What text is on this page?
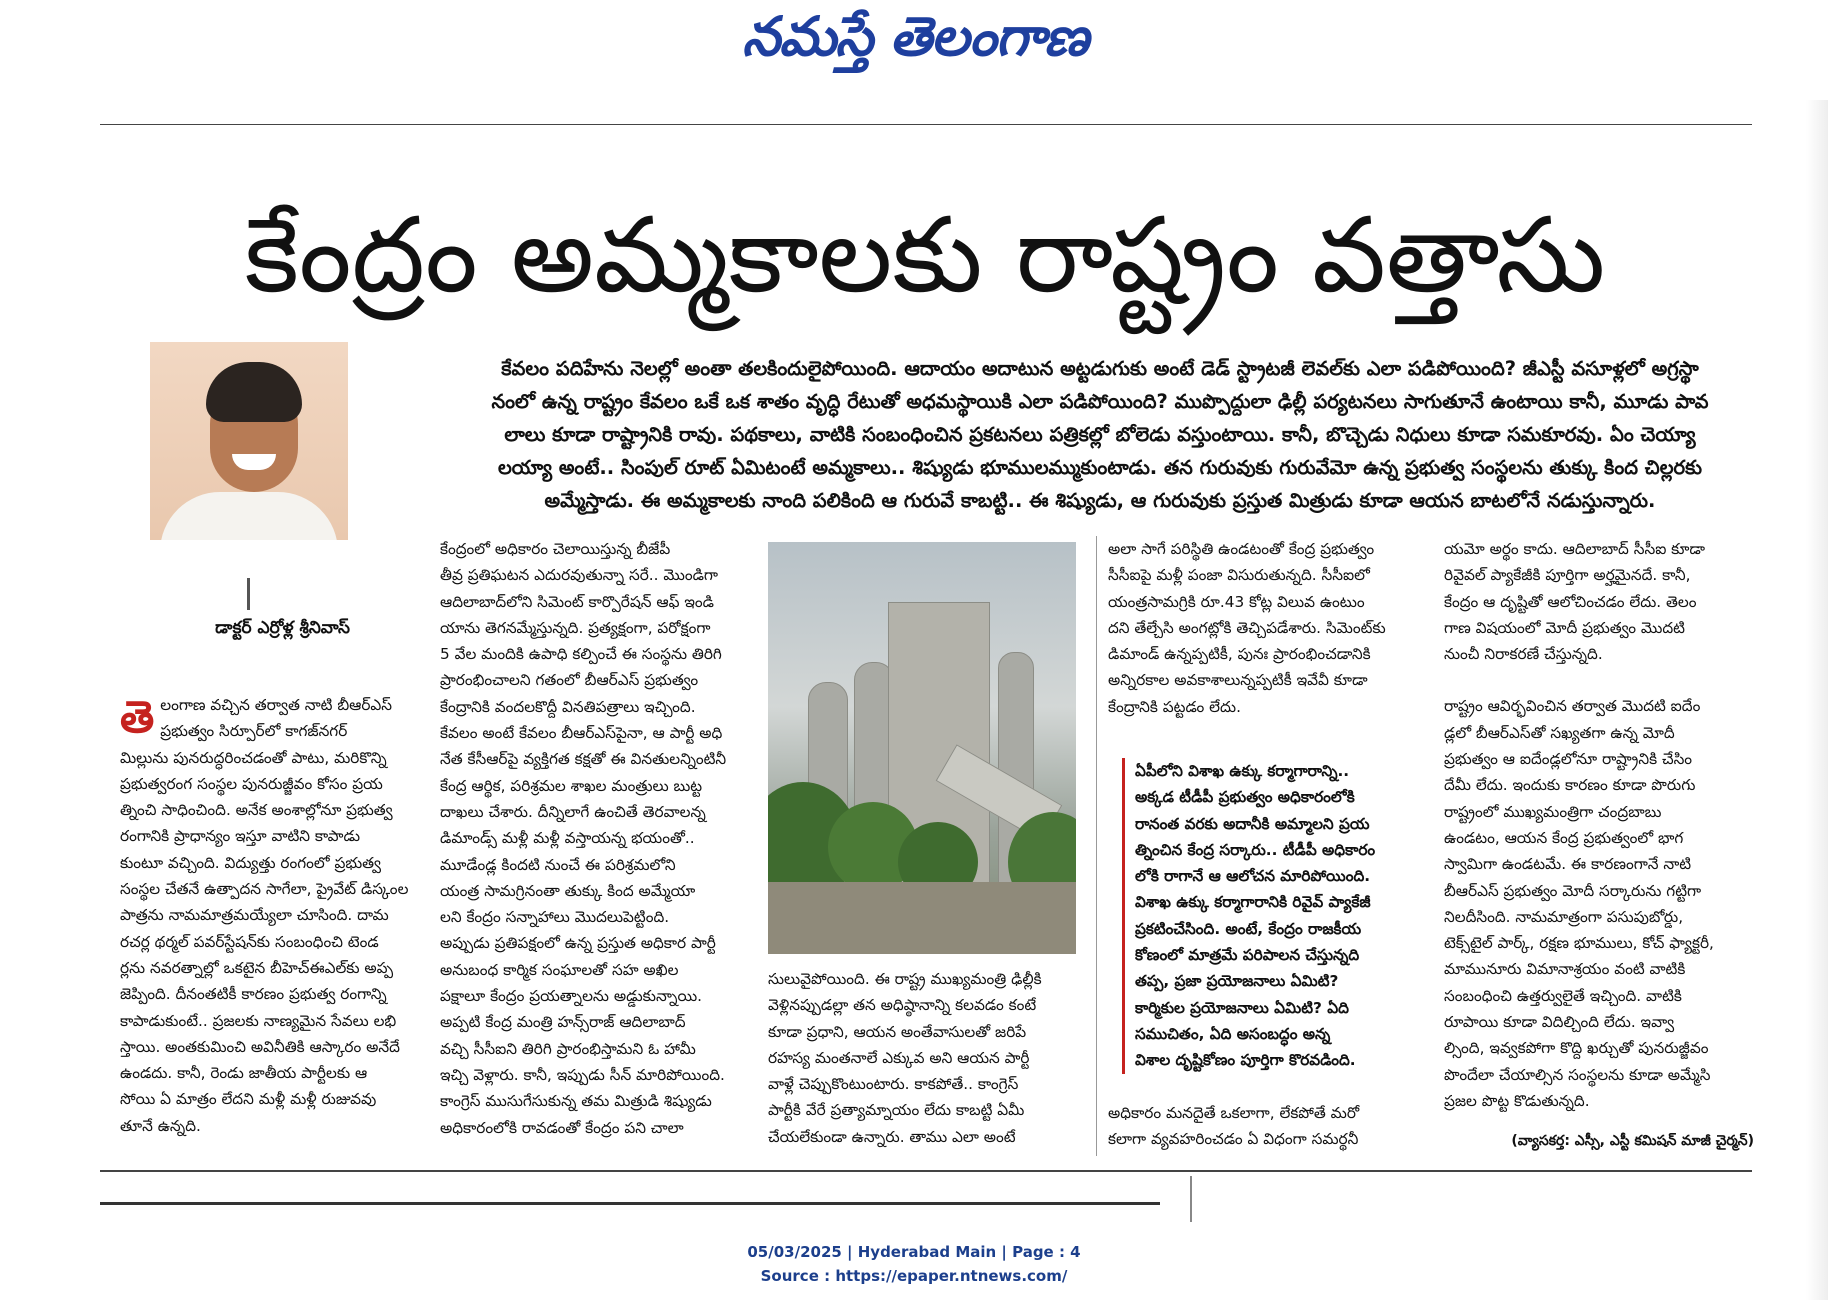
నమస్తే తెలంగాణ
కేంద్రం అమ్మకాలకు రాష్ట్రం వత్తాసు
డాక్టర్ ఎర్రోళ్ల శ్రీనివాస్

కేవలం పదిహేను నెలల్లో అంతా తలకిందులైపోయింది. ఆదాయం అదాటున అట్టడుగుకు అంటే డెడ్ స్ట్రాటజీ లెవల్‌కు ఎలా పడిపోయింది? జీఎస్టీ వసూళ్లలో అగ్రస్థా

నంలో ఉన్న రాష్ట్రం కేవలం ఒకే ఒక శాతం వృద్ధి రేటుతో అధమస్థాయికి ఎలా పడిపోయింది? ముప్పొద్దులా ఢిల్లీ పర్యటనలు సాగుతూనే ఉంటాయి కానీ, మూడు పావ

లాలు కూడా రాష్ట్రానికి రావు. పథకాలు, వాటికి సంబంధించిన ప్రకటనలు పత్రికల్లో బోలెడు వస్తుంటాయి. కానీ, బొచ్చెడు నిధులు కూడా సమకూరవు. ఏం చెయ్యా

లయ్యా అంటే.. సింపుల్ రూట్ ఏమిటంటే అమ్మకాలు.. శిష్యుడు భూములమ్ముకుంటాడు. తన గురువుకు గురువేమో ఉన్న ప్రభుత్వ సంస్థలను తుక్కు కింద చిల్లరకు

అమ్మేస్తాడు. ఈ అమ్మకాలకు నాంది పలికింది ఆ గురువే కాబట్టి.. ఈ శిష్యుడు, ఆ గురువుకు ప్రస్తుత మిత్రుడు కూడా ఆయన బాటలోనే నడుస్తున్నారు.

తె లంగాణ వచ్చిన తర్వాత నాటి బీఆర్‌ఎస్

ప్రభుత్వం సిర్పూర్‌లో కాగజ్‌నగర్

మిల్లును పునరుద్ధరించడంతో పాటు, మరికొన్ని

ప్రభుత్వరంగ సంస్థల పునరుజ్జీవం కోసం ప్రయ

త్నించి సాధించింది. అనేక అంశాల్లోనూ ప్రభుత్వ

రంగానికి ప్రాధాన్యం ఇస్తూ వాటిని కాపాడు

కుంటూ వచ్చింది. విద్యుత్తు రంగంలో ప్రభుత్వ

సంస్థల చేతనే ఉత్పాదన సాగేలా, ప్రైవేట్ డిస్కంల

పాత్రను నామమాత్రమయ్యేలా చూసింది. దామ

రచర్ల థర్మల్ పవర్‌స్టేషన్‌కు సంబంధించి టెండ

ర్లను నవరత్నాల్లో ఒకటైన బీహెచ్ఈఎల్‌కు అప్ప

జెప్పింది. దీనంతటికీ కారణం ప్రభుత్వ రంగాన్ని

కాపాడుకుంటే.. ప్రజలకు నాణ్యమైన సేవలు లభి

స్తాయి. అంతకుమించి అవినీతికి ఆస్కారం అనేదే

ఉండదు. కానీ, రెండు జాతీయ పార్టీలకు ఆ

సోయి ఏ మాత్రం లేదని మళ్లీ మళ్లీ రుజువవు

తూనే ఉన్నది.

కేంద్రంలో అధికారం చెలాయిస్తున్న బీజేపీ

తీవ్ర ప్రతిఘటన ఎదురవుతున్నా సరే.. మొండిగా

ఆదిలాబాద్‌లోని సిమెంట్ కార్పొరేషన్ ఆఫ్ ఇండి

యాను తెగనమ్మేస్తున్నది. ప్రత్యక్షంగా, పరోక్షంగా

5 వేల మందికి ఉపాధి కల్పించే ఈ సంస్థను తిరిగి

ప్రారంభించాలని గతంలో బీఆర్‌ఎస్ ప్రభుత్వం

కేంద్రానికి వందలకొద్దీ వినతిపత్రాలు ఇచ్చింది.

కేవలం అంటే కేవలం బీఆర్‌ఎస్‌పైనా, ఆ పార్టీ అధి

నేత కేసీఆర్‌పై వ్యక్తిగత కక్షతో ఈ వినతులన్నింటినీ

కేంద్ర ఆర్థిక, పరిశ్రమల శాఖల మంత్రులు బుట్ట

దాఖలు చేశారు. దీన్నిలాగే ఉంచితే తెరవాలన్న

డిమాండ్స్ మళ్లీ మళ్లీ వస్తాయన్న భయంతో..

మూడేండ్ల కిందటి నుంచే ఈ పరిశ్రమలోని

యంత్ర సామగ్రినంతా తుక్కు కింద అమ్మేయా

లని కేంద్రం సన్నాహాలు మొదలుపెట్టింది.

అప్పుడు ప్రతిపక్షంలో ఉన్న ప్రస్తుత అధికార పార్టీ

అనుబంధ కార్మిక సంఘాలతో సహ అఖిల

పక్షాలూ కేంద్రం ప్రయత్నాలను అడ్డుకున్నాయి.

అప్పటి కేంద్ర మంత్రి హన్స్‌రాజ్ ఆదిలాబాద్

వచ్చి సీసీఐని తిరిగి ప్రారంభిస్తామని ఓ హామీ

ఇచ్చి వెళ్లారు. కానీ, ఇప్పుడు సీన్ మారిపోయింది.

కాంగ్రెస్ ముసుగేసుకున్న తమ మిత్రుడి శిష్యుడు

అధికారంలోకి రావడంతో కేంద్రం పని చాలా

సులువైపోయింది. ఈ రాష్ట్ర ముఖ్యమంత్రి ఢిల్లీకి

వెళ్లినప్పుడల్లా తన అధిష్ఠానాన్ని కలవడం కంటే

కూడా ప్రధాని, ఆయన అంతేవాసులతో జరిపే

రహస్య మంతనాలే ఎక్కువ అని ఆయన పార్టీ

వాళ్లే చెప్పుకొంటుంటారు. కాకపోతే.. కాంగ్రెస్

పార్టీకి వేరే ప్రత్యామ్నాయం లేదు కాబట్టి ఏమీ

చేయలేకుండా ఉన్నారు. తాము ఎలా అంటే

అలా సాగే పరిస్థితి ఉండటంతో కేంద్ర ప్రభుత్వం

సీసీఐపై మళ్లీ పంజా విసురుతున్నది. సీసీఐలో

యంత్రసామగ్రికి రూ.43 కోట్ల విలువ ఉంటుం

దని తేల్చేసి అంగట్లోకి తెచ్చిపడేశారు. సిమెంట్‌కు

డిమాండ్ ఉన్నప్పటికీ, పునః ప్రారంభించడానికి

అన్నిరకాల అవకాశాలున్నప్పటికీ ఇవేవీ కూడా

కేంద్రానికి పట్టడం లేదు.

ఏపీలోని విశాఖ ఉక్కు కర్మాగారాన్ని..

అక్కడ టీడీపీ ప్రభుత్వం అధికారంలోకి

రానంత వరకు అదానీకి అమ్మాలని ప్రయ

త్నించిన కేంద్ర సర్కారు.. టీడీపీ అధికారం

లోకి రాగానే ఆ ఆలోచన మారిపోయింది.

విశాఖ ఉక్కు కర్మాగారానికి రివైవ్ ప్యాకేజీ

ప్రకటించేసింది. అంటే, కేంద్రం రాజకీయ

కోణంలో మాత్రమే పరిపాలన చేస్తున్నది

తప్ప, ప్రజా ప్రయోజనాలు ఏమిటి?

కార్మికుల ప్రయోజనాలు ఏమిటి? ఏది

సముచితం, ఏది అసంబద్ధం అన్న

విశాల దృష్టికోణం పూర్తిగా కొరవడింది.

అధికారం మనదైతే ఒకలాగా, లేకపోతే మరో

కలాగా వ్యవహరించడం ఏ విధంగా సమర్థనీ

యమో అర్థం కాదు. ఆదిలాబాద్ సీసీఐ కూడా

రివైవల్ ప్యాకేజీకి పూర్తిగా అర్హమైనదే. కానీ,

కేంద్రం ఆ దృష్టితో ఆలోచించడం లేదు. తెలం

గాణ విషయంలో మోదీ ప్రభుత్వం మొదటి

నుంచీ నిరాకరణే చేస్తున్నది.

రాష్ట్రం ఆవిర్భవించిన తర్వాత మొదటి ఐదేం

డ్లలో బీఆర్‌ఎస్‌తో సఖ్యతగా ఉన్న మోదీ

ప్రభుత్వం ఆ ఐదేండ్లలోనూ రాష్ట్రానికి చేసిం

దేమీ లేదు. ఇందుకు కారణం కూడా పొరుగు

రాష్ట్రంలో ముఖ్యమంత్రిగా చంద్రబాబు

ఉండటం, ఆయన కేంద్ర ప్రభుత్వంలో భాగ

స్వామిగా ఉండటమే. ఈ కారణంగానే నాటి

బీఆర్‌ఎస్ ప్రభుత్వం మోదీ సర్కారును గట్టిగా

నిలదీసింది. నామమాత్రంగా పసుపుబోర్డు,

టెక్స్‌టైల్ పార్క్, రక్షణ భూములు, కోచ్ ఫ్యాక్టరీ,

మామునూరు విమానాశ్రయం వంటి వాటికి

సంబంధించి ఉత్తర్వులైతే ఇచ్చింది. వాటికి

రూపాయి కూడా విదిల్చింది లేదు. ఇవ్వా

ల్సింది, ఇవ్వకపోగా కొద్ది ఖర్చుతో పునరుజ్జీవం

పొందేలా చేయాల్సిన సంస్థలను కూడా అమ్మేసి

ప్రజల పొట్ట కొడుతున్నది.

(వ్యాసకర్త: ఎస్సీ, ఎస్టీ కమిషన్ మాజీ చైర్మన్)
05/03/2025 | Hyderabad Main | Page : 4
Source : https://epaper.ntnews.com/
